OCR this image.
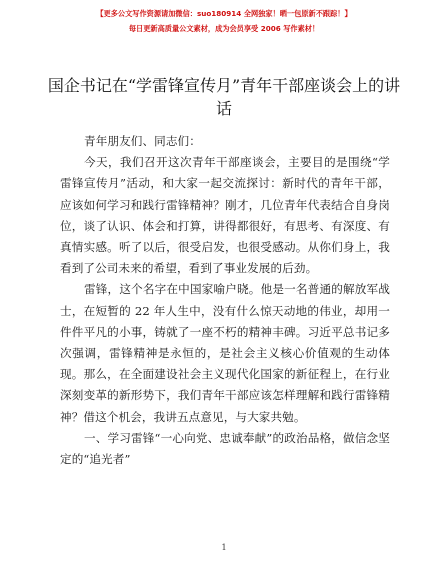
【更多公文写作资源请加微信：suo180914 全网独家！晒一包原新不跟踪！】
每日更新高质量公文素材，成为会员享受 2006 写作素材！
国企书记在“学雷锋宣传月”青年干部座谈会上的讲话

青年朋友们、同志们：

今天，我们召开这次青年干部座谈会，主要目的是围绕“学雷锋宣传月”活动，和大家一起交流探讨：新时代的青年干部，应该如何学习和践行雷锋精神？刚才，几位青年代表结合自身岗位，谈了认识、体会和打算，讲得都很好，有思考、有深度、有真情实感。听了以后，很受启发，也很受感动。从你们身上，我看到了公司未来的希望，看到了事业发展的后劲。

雷锋，这个名字在中国家喻户晓。他是一名普通的解放军战士，在短暂的 22 年人生中，没有什么惊天动地的伟业，却用一件件平凡的小事，铸就了一座不朽的精神丰碑。习近平总书记多次强调，雷锋精神是永恒的，是社会主义核心价值观的生动体现。那么，在全面建设社会主义现代化国家的新征程上，在行业深刻变革的新形势下，我们青年干部应该怎样理解和践行雷锋精神？借这个机会，我讲五点意见，与大家共勉。

一、学习雷锋“一心向党、忠诚奉献”的政治品格，做信念坚定的“追光者”

1
